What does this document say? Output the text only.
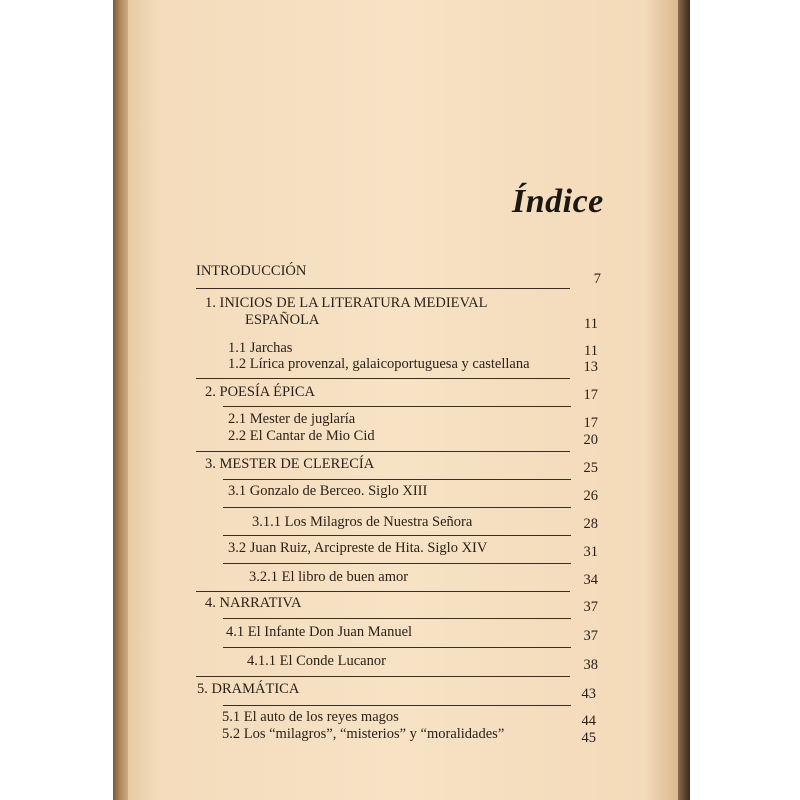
Índice
INTRODUCCIÓN	7
1. INICIOS DE LA LITERATURA MEDIEVAL
ESPAÑOLA	11
1.1 Jarchas	11
1.2 Lírica provenzal, galaicoportuguesa y castellana	13
2. POESÍA ÉPICA	17
2.1 Mester de juglaría	17
2.2 El Cantar de Mio Cid	20
3. MESTER DE CLERECÍA	25
3.1 Gonzalo de Berceo. Siglo XIII	26
3.1.1 Los Milagros de Nuestra Señora	28
3.2 Juan Ruiz, Arcipreste de Hita. Siglo XIV	31
3.2.1 El libro de buen amor	34
4. NARRATIVA	37
4.1 El Infante Don Juan Manuel	37
4.1.1 El Conde Lucanor	38
5. DRAMÁTICA	43
5.1 El auto de los reyes magos	44
5.2 Los “milagros”, “misterios” y “moralidades”	45
